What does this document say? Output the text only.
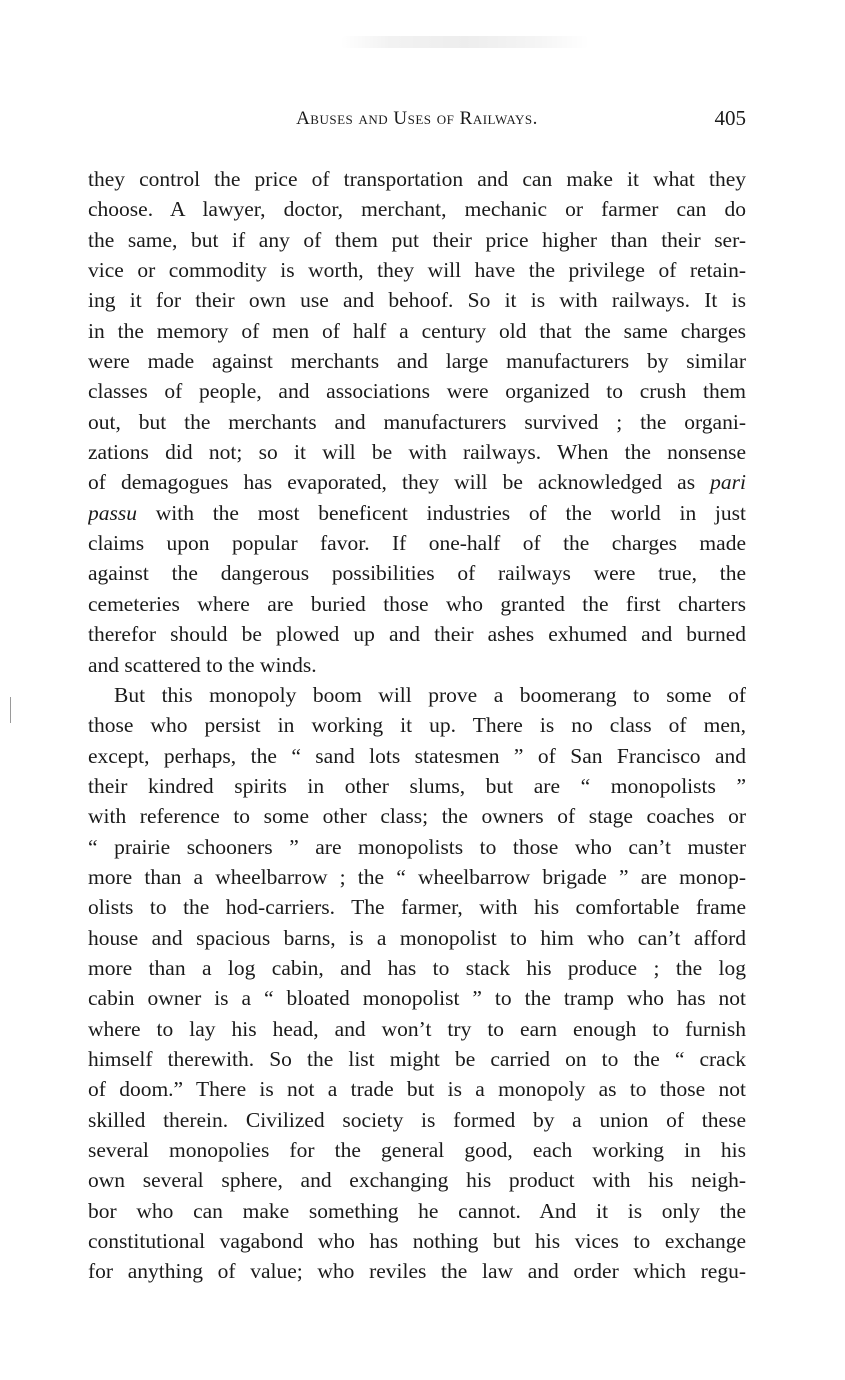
Abuses and Uses of Railways.	405
they control the price of transportation and can make it what they
choose. A lawyer, doctor, merchant, mechanic or farmer can do
the same, but if any of them put their price higher than their ser-
vice or commodity is worth, they will have the privilege of retain-
ing it for their own use and behoof. So it is with railways. It is
in the memory of men of half a century old that the same charges
were made against merchants and large manufacturers by similar
classes of people, and associations were organized to crush them
out, but the merchants and manufacturers survived ; the organi-
zations did not; so it will be with railways. When the nonsense
of demagogues has evaporated, they will be acknowledged as pari
passu with the most beneficent industries of the world in just
claims upon popular favor. If one-half of the charges made
against the dangerous possibilities of railways were true, the
cemeteries where are buried those who granted the first charters
therefor should be plowed up and their ashes exhumed and burned
and scattered to the winds.
But this monopoly boom will prove a boomerang to some of
those who persist in working it up. There is no class of men,
except, perhaps, the “ sand lots statesmen ” of San Francisco and
their kindred spirits in other slums, but are “ monopolists ”
with reference to some other class; the owners of stage coaches or
“ prairie schooners ” are monopolists to those who can’t muster
more than a wheelbarrow ; the “ wheelbarrow brigade ” are monop-
olists to the hod-carriers. The farmer, with his comfortable frame
house and spacious barns, is a monopolist to him who can’t afford
more than a log cabin, and has to stack his produce ; the log
cabin owner is a “ bloated monopolist ” to the tramp who has not
where to lay his head, and won’t try to earn enough to furnish
himself therewith. So the list might be carried on to the “ crack
of doom.” There is not a trade but is a monopoly as to those not
skilled therein. Civilized society is formed by a union of these
several monopolies for the general good, each working in his
own several sphere, and exchanging his product with his neigh-
bor who can make something he cannot. And it is only the
constitutional vagabond who has nothing but his vices to exchange
for anything of value; who reviles the law and order which regu-
